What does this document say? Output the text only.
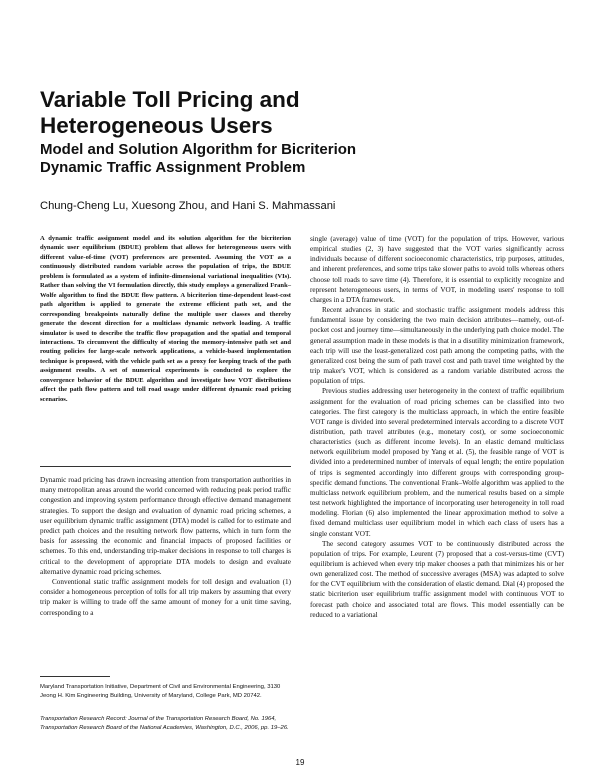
Variable Toll Pricing and
Heterogeneous Users
Model and Solution Algorithm for Bicriterion
Dynamic Traffic Assignment Problem

Chung-Cheng Lu, Xuesong Zhou, and Hani S. Mahmassani

A dynamic traffic assignment model and its solution algorithm for the bicriterion dynamic user equilibrium (BDUE) problem that allows for heterogeneous users with different value-of-time (VOT) preferences are presented. Assuming the VOT as a continuously distributed random variable across the population of trips, the BDUE problem is formulated as a system of infinite-dimensional variational inequalities (VIs). Rather than solving the VI formulation directly, this study employs a generalized Frank–Wolfe algorithm to find the BDUE flow pattern. A bicriterion time-dependent least-cost path algorithm is applied to generate the extreme efficient path set, and the corresponding breakpoints naturally define the multiple user classes and thereby generate the descent direction for a multiclass dynamic network loading. A traffic simulator is used to describe the traffic flow propagation and the spatial and temporal interactions. To circumvent the difficulty of storing the memory-intensive path set and routing policies for large-scale network applications, a vehicle-based implementation technique is proposed, with the vehicle path set as a proxy for keeping track of the path assignment results. A set of numerical experiments is conducted to explore the convergence behavior of the BDUE algorithm and investigate how VOT distributions affect the path flow pattern and toll road usage under different dynamic road pricing scenarios.

Dynamic road pricing has drawn increasing attention from transportation authorities in many metropolitan areas around the world concerned with reducing peak period traffic congestion and improving system performance through effective demand management strategies. To support the design and evaluation of dynamic road pricing schemes, a user equilibrium dynamic traffic assignment (DTA) model is called for to estimate and predict path choices and the resulting network flow patterns, which in turn form the basis for assessing the economic and financial impacts of proposed facilities or schemes. To this end, understanding trip-maker decisions in response to toll charges is critical to the development of appropriate DTA models to design and evaluate alternative dynamic road pricing schemes.

Conventional static traffic assignment models for toll design and evaluation (1) consider a homogeneous perception of tolls for all trip makers by assuming that every trip maker is willing to trade off the same amount of money for a unit time saving, corresponding to a

Maryland Transportation Initiative, Department of Civil and Environmental Engineering, 3130 Jeong H. Kim Engineering Building, University of Maryland, College Park, MD 20742.

Transportation Research Record: Journal of the Transportation Research Board, No. 1964, Transportation Research Board of the National Academies, Washington, D.C., 2006, pp. 19–26.

single (average) value of time (VOT) for the population of trips. However, various empirical studies (2, 3) have suggested that the VOT varies significantly across individuals because of different socioeconomic characteristics, trip purposes, attitudes, and inherent preferences, and some trips take slower paths to avoid tolls whereas others choose toll roads to save time (4). Therefore, it is essential to explicitly recognize and represent heterogeneous users, in terms of VOT, in modeling users' response to toll charges in a DTA framework.

Recent advances in static and stochastic traffic assignment models address this fundamental issue by considering the two main decision attributes—namely, out-of-pocket cost and journey time—simultaneously in the underlying path choice model. The general assumption made in these models is that in a disutility minimization framework, each trip will use the least-generalized cost path among the competing paths, with the generalized cost being the sum of path travel cost and path travel time weighted by the trip maker's VOT, which is considered as a random variable distributed across the population of trips.

Previous studies addressing user heterogeneity in the context of traffic equilibrium assignment for the evaluation of road pricing schemes can be classified into two categories. The first category is the multiclass approach, in which the entire feasible VOT range is divided into several predetermined intervals according to a discrete VOT distribution, path travel attributes (e.g., monetary cost), or some socioeconomic characteristics (such as different income levels). In an elastic demand multiclass network equilibrium model proposed by Yang et al. (5), the feasible range of VOT is divided into a predetermined number of intervals of equal length; the entire population of trips is segmented accordingly into different groups with corresponding group-specific demand functions. The conventional Frank–Wolfe algorithm was applied to the multiclass network equilibrium problem, and the numerical results based on a simple test network highlighted the importance of incorporating user heterogeneity in toll road modeling. Florian (6) also implemented the linear approximation method to solve a fixed demand multiclass user equilibrium model in which each class of users has a single constant VOT.

The second category assumes VOT to be continuously distributed across the population of trips. For example, Leurent (7) proposed that a cost-versus-time (CVT) equilibrium is achieved when every trip maker chooses a path that minimizes his or her own generalized cost. The method of successive averages (MSA) was adapted to solve for the CVT equilibrium with the consideration of elastic demand. Dial (4) proposed the static bicriterion user equilibrium traffic assignment model with continuous VOT to forecast path choice and associated total are flows. This model essentially can be reduced to a variational

19
